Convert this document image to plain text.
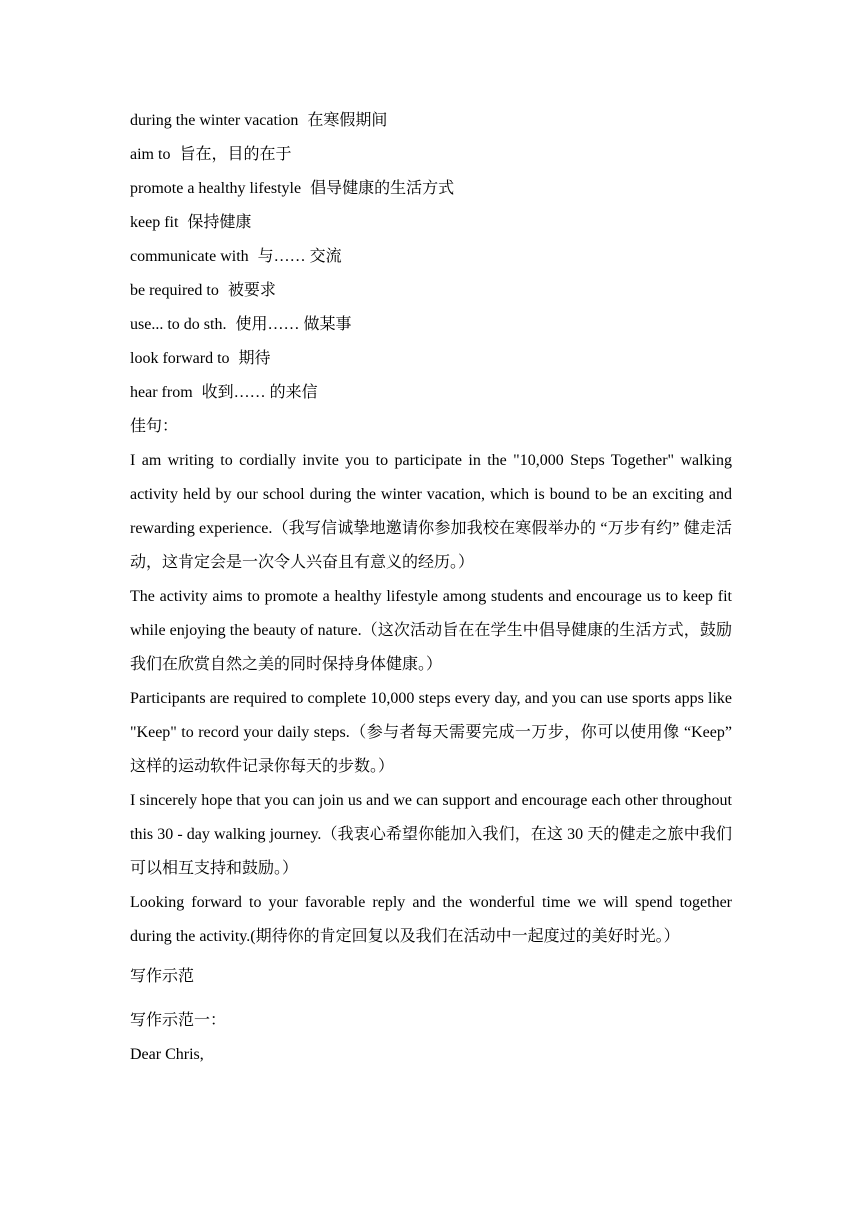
during the winter vacation 在寒假期间
aim to 旨在，目的在于
promote a healthy lifestyle 倡导健康的生活方式
keep fit 保持健康
communicate with 与…… 交流
be required to 被要求
use... to do sth. 使用…… 做某事
look forward to 期待
hear from 收到…… 的来信
佳句：
I am writing to cordially invite you to participate in the "10,000 Steps Together" walking activity held by our school during the winter vacation, which is bound to be an exciting and rewarding experience.（我写信诚挚地邀请你参加我校在寒假举办的 “万步有约” 健走活动，这肯定会是一次令人兴奋且有意义的经历。）
The activity aims to promote a healthy lifestyle among students and encourage us to keep fit while enjoying the beauty of nature.（这次活动旨在在学生中倡导健康的生活方式，鼓励我们在欣赏自然之美的同时保持身体健康。）
Participants are required to complete 10,000 steps every day, and you can use sports apps like "Keep" to record your daily steps.（参与者每天需要完成一万步，你可以使用像 “Keep” 这样的运动软件记录你每天的步数。）
I sincerely hope that you can join us and we can support and encourage each other throughout this 30 - day walking journey.（我衷心希望你能加入我们，在这 30 天的健走之旅中我们可以相互支持和鼓励。）
Looking forward to your favorable reply and the wonderful time we will spend together during the activity.(期待你的肯定回复以及我们在活动中一起度过的美好时光。）
写作示范
写作示范一：
Dear Chris,
